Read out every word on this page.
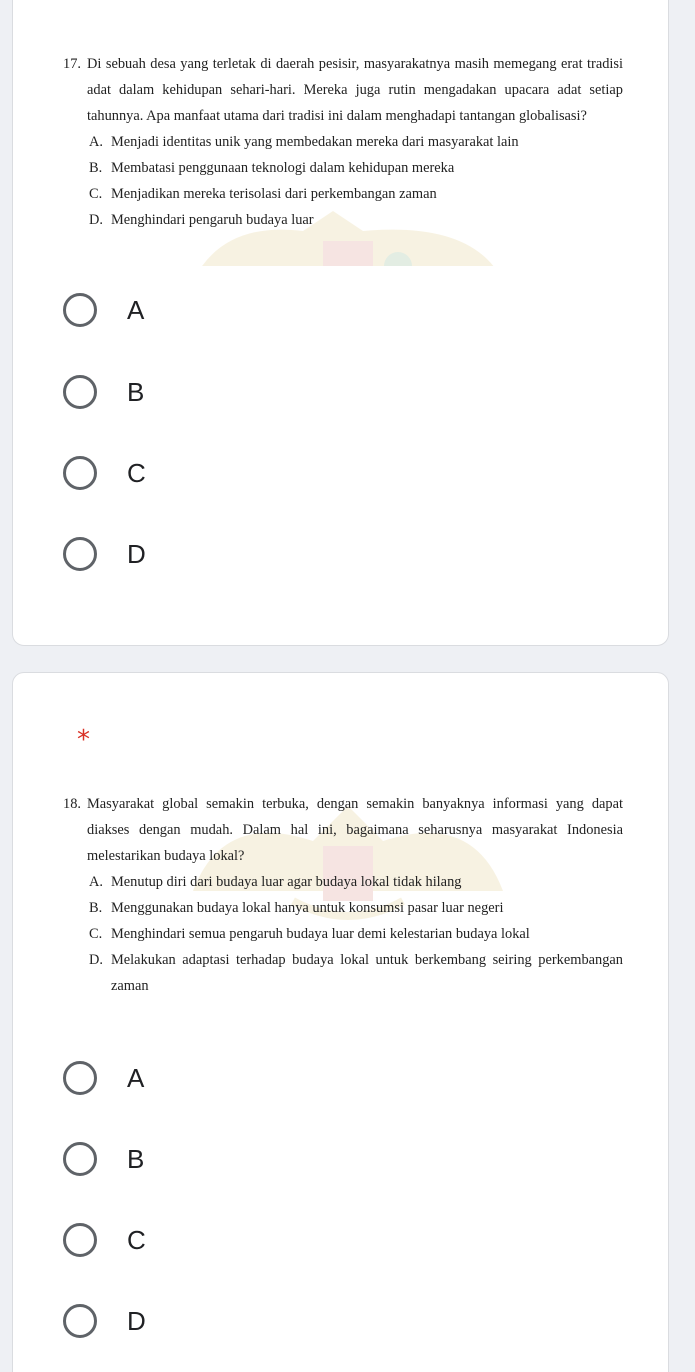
17. Di sebuah desa yang terletak di daerah pesisir, masyarakatnya masih memegang erat tradisi adat dalam kehidupan sehari-hari. Mereka juga rutin mengadakan upacara adat setiap tahunnya. Apa manfaat utama dari tradisi ini dalam menghadapi tantangan globalisasi?
A. Menjadi identitas unik yang membedakan mereka dari masyarakat lain
B. Membatasi penggunaan teknologi dalam kehidupan mereka
C. Menjadikan mereka terisolasi dari perkembangan zaman
D. Menghindari pengaruh budaya luar
A
B
C
D
*
18. Masyarakat global semakin terbuka, dengan semakin banyaknya informasi yang dapat diakses dengan mudah. Dalam hal ini, bagaimana seharusnya masyarakat Indonesia melestarikan budaya lokal?
A. Menutup diri dari budaya luar agar budaya lokal tidak hilang
B. Menggunakan budaya lokal hanya untuk konsumsi pasar luar negeri
C. Menghindari semua pengaruh budaya luar demi kelestarian budaya lokal
D. Melakukan adaptasi terhadap budaya lokal untuk berkembang seiring perkembangan zaman
A
B
C
D
